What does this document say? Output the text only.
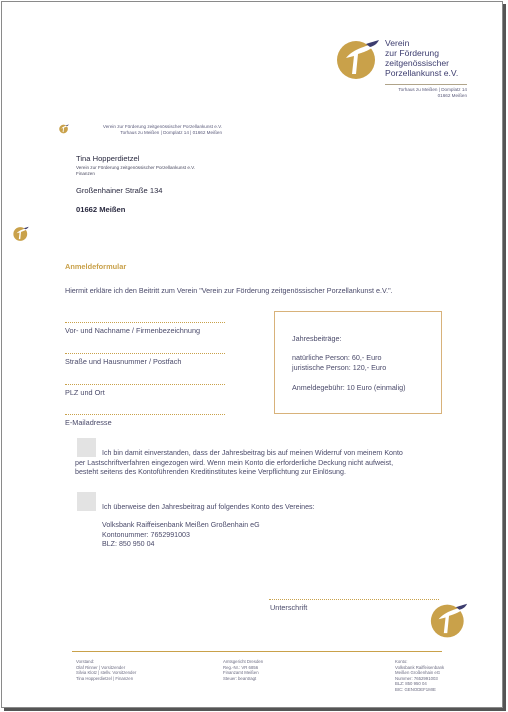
Verein
zur Förderung
zeitgenössischer
Porzellankunst e.V.
Torhaus zu Meißen | Domplatz 14
01662 Meißen
Verein zur Förderung zeitgenössischer Porzellankunst e.V.
Torhaus zu Meißen | Domplatz 14 | 01662 Meißen
Tina Hopperdietzel
Verein zur Förderung zeitgenössischer Porzellankunst e.V.
Finanzen
Großenhainer Straße 134
01662 Meißen
Anmeldeformular
Hiermit erkläre ich den Beitritt zum Verein "Verein zur Förderung zeitgenössischer Porzellankunst e.V.".
Vor- und Nachname / Firmenbezeichnung
Straße und Hausnummer / Postfach
PLZ und Ort
E-Mailadresse
Jahresbeiträge:
natürliche Person: 60,- Euro
juristische Person: 120,- Euro
Anmeldegebühr: 10 Euro (einmalig)
Ich bin damit einverstanden, dass der Jahresbeitrag bis auf meinen Widerruf von meinem Konto
per Lastschriftverfahren eingezogen wird. Wenn mein Konto die erforderliche Deckung nicht aufweist,
besteht seitens des Kontoführenden Kreditinstitutes keine Verpflichtung zur Einlösung.
Ich überweise den Jahresbeitrag auf folgendes Konto des Vereines:
Volksbank Raiffeisenbank Meißen Großenhain eG
Kontonummer: 7652991003
BLZ: 850 950 04
Unterschrift
Vorstand:
Olaf Rinner | Vorsitzender
Silvia Klotz | stellv. Vorsitzender
Tina Hopperdietzel | Finanzen
Amtsgericht Dresden
Reg.-Nr.: VR 6856
Finanzamt Meißen
Steuer: beantragt
Konto:
Volksbank Raiffeisenbank
Meißen Großenhain eG
Nummer: 7652991003
BLZ: 850 950 04
BIC: GENODEF1MIE
